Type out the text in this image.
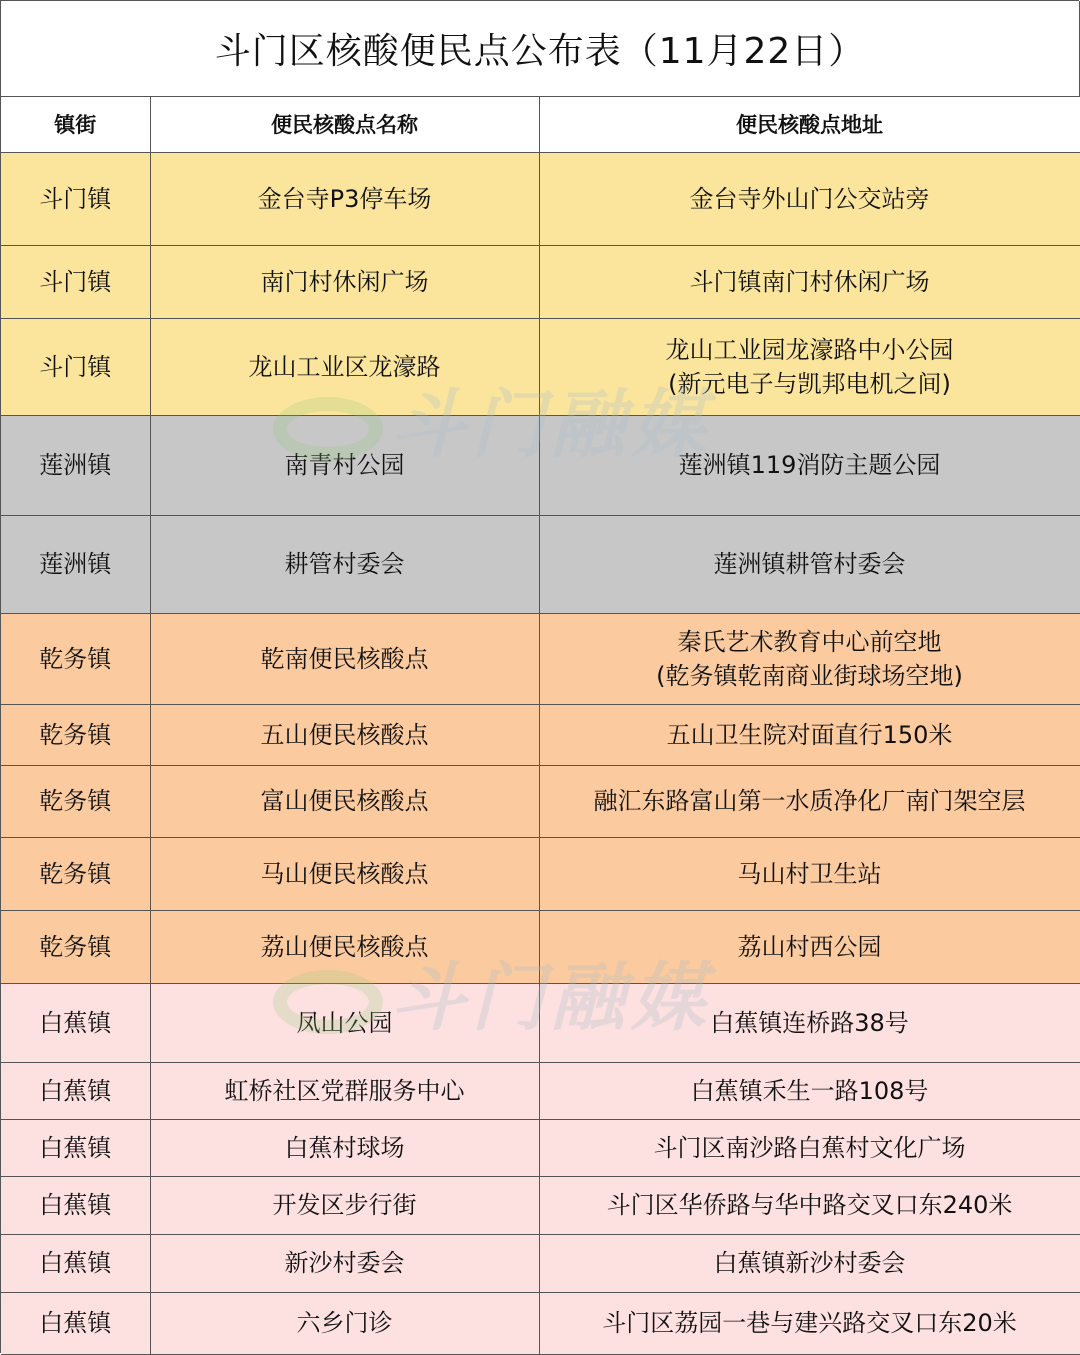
斗门区核酸便民点公布表（11月22日）
镇街	便民核酸点名称	便民核酸点地址
斗门镇	金台寺P3停车场	金台寺外山门公交站旁

斗门镇	南门村休闲广场	斗门镇南门村休闲广场

斗门镇	龙山工业区龙濠路	龙山工业园龙濠路中小公园
(新元电子与凯邦电机之间)

莲洲镇	南青村公园	莲洲镇119消防主题公园

莲洲镇	耕管村委会	莲洲镇耕管村委会

乾务镇	乾南便民核酸点	秦氏艺术教育中心前空地
(乾务镇乾南商业街球场空地)

乾务镇	五山便民核酸点	五山卫生院对面直行150米

乾务镇	富山便民核酸点	融汇东路富山第一水质净化厂南门架空层

乾务镇	马山便民核酸点	马山村卫生站

乾务镇	荔山便民核酸点	荔山村西公园

白蕉镇	凤山公园	白蕉镇连桥路38号

白蕉镇	虹桥社区党群服务中心	白蕉镇禾生一路108号

白蕉镇	白蕉村球场	斗门区南沙路白蕉村文化广场

白蕉镇	开发区步行街	斗门区华侨路与华中路交叉口东240米

白蕉镇	新沙村委会	白蕉镇新沙村委会

白蕉镇	六乡门诊	斗门区荔园一巷与建兴路交叉口东20米
斗门融媒
斗门融媒
